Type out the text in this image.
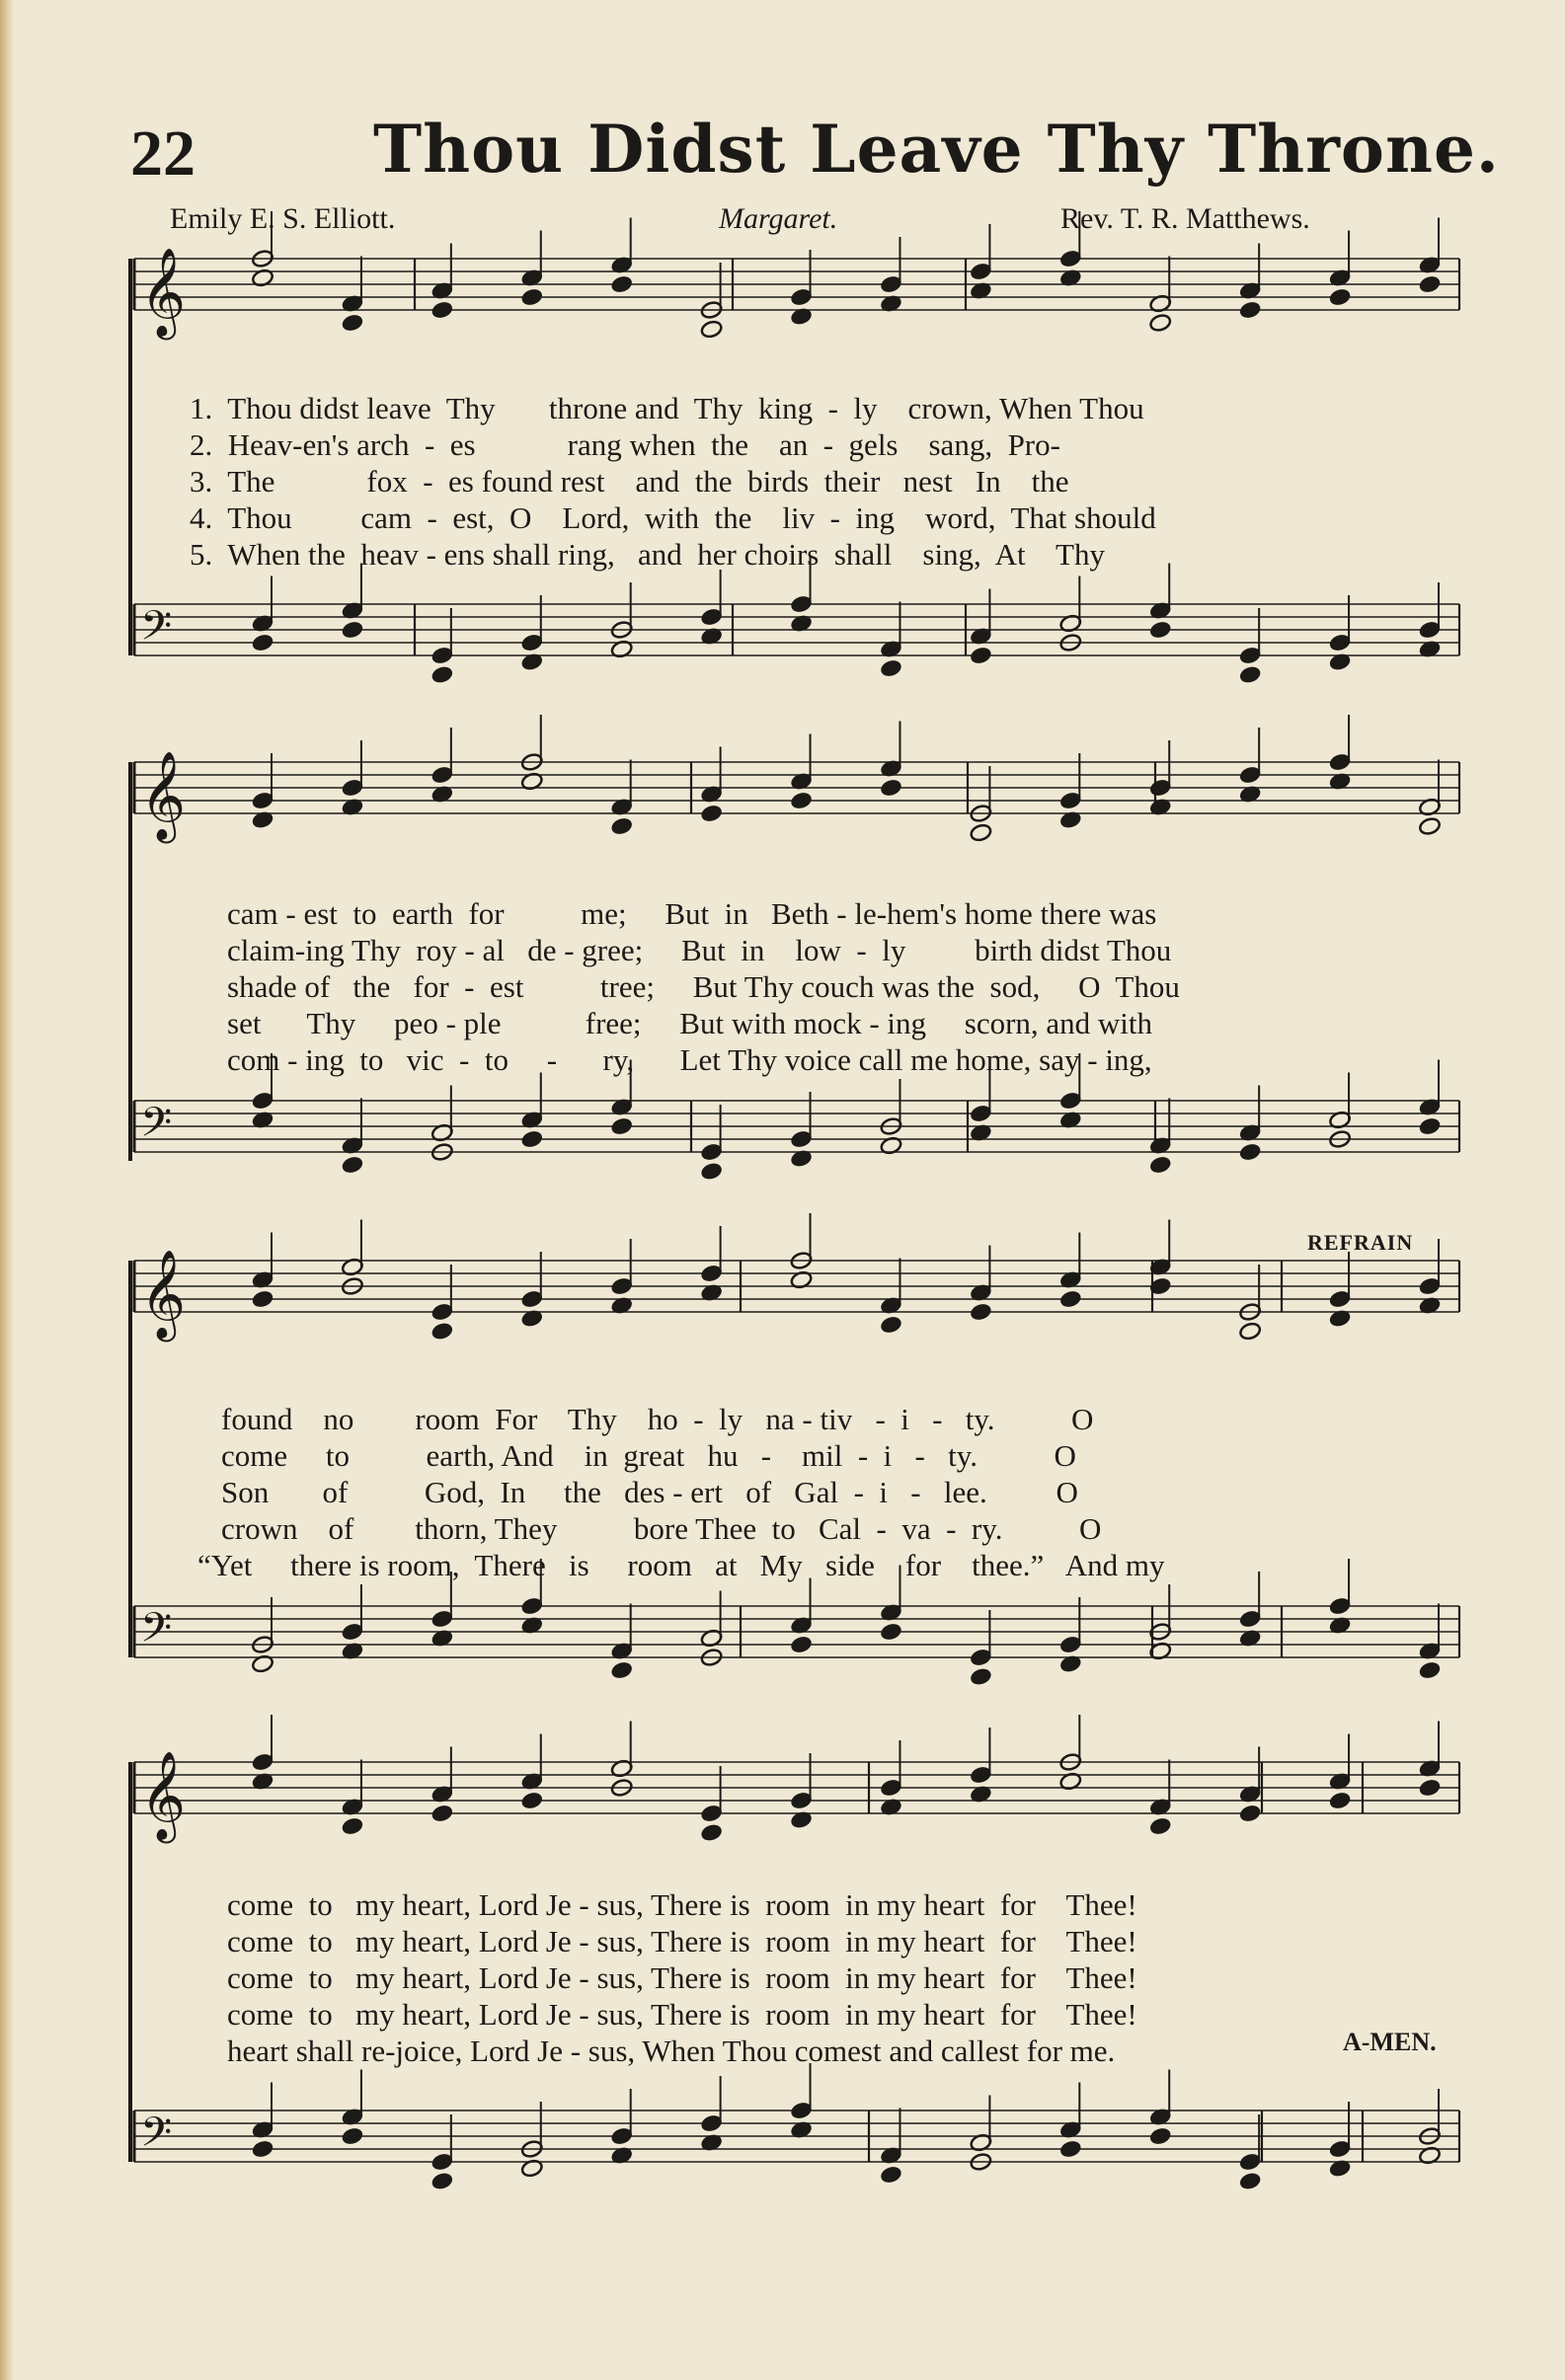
22	Thou Didst Leave Thy Throne.
Emily E. S. Elliott.	Margaret.	Rev. T. R. Matthews.
𝄞
𝄢
𝄞
𝄢
𝄞
𝄢
𝄞
𝄢
1.  Thou didst leave  Thy       throne and  Thy  king  -  ly    crown, When Thou
2.  Heav-en's arch  -  es            rang when  the    an  -  gels    sang,  Pro-
3.  The            fox  -  es found rest    and  the  birds  their   nest   In    the
4.  Thou         cam  -  est,  O    Lord,  with  the    liv  -  ing    word,  That should
5.  When the  heav - ens shall ring,   and  her choirs  shall    sing,  At    Thy
cam - est  to  earth  for          me;     But  in   Beth - le-hem's home there was
claim-ing Thy  roy - al   de - gree;     But  in    low  -  ly         birth didst Thou
shade of   the   for  -  est          tree;     But Thy couch was the  sod,     O  Thou
set      Thy     peo - ple           free;     But with mock - ing     scorn, and with
com - ing  to   vic  -  to     -      ry,      Let Thy voice call me home, say - ing,
REFRAIN
found    no        room  For    Thy    ho  -  ly   na - tiv   -  i   -   ty.          O
come     to          earth, And    in  great   hu   -    mil  -  i   -   ty.          O
Son       of          God,  In     the   des - ert   of   Gal  -  i   -   lee.         O
crown    of        thorn, They          bore Thee  to   Cal  -  va  -  ry.          O
“Yet     there is room,  There   is     room   at   My   side    for    thee.”   And my
come  to   my heart, Lord Je - sus, There is  room  in my heart  for    Thee!
come  to   my heart, Lord Je - sus, There is  room  in my heart  for    Thee!
come  to   my heart, Lord Je - sus, There is  room  in my heart  for    Thee!
come  to   my heart, Lord Je - sus, There is  room  in my heart  for    Thee!
heart shall re-joice, Lord Je - sus, When Thou comest and callest for me.	A-MEN.
